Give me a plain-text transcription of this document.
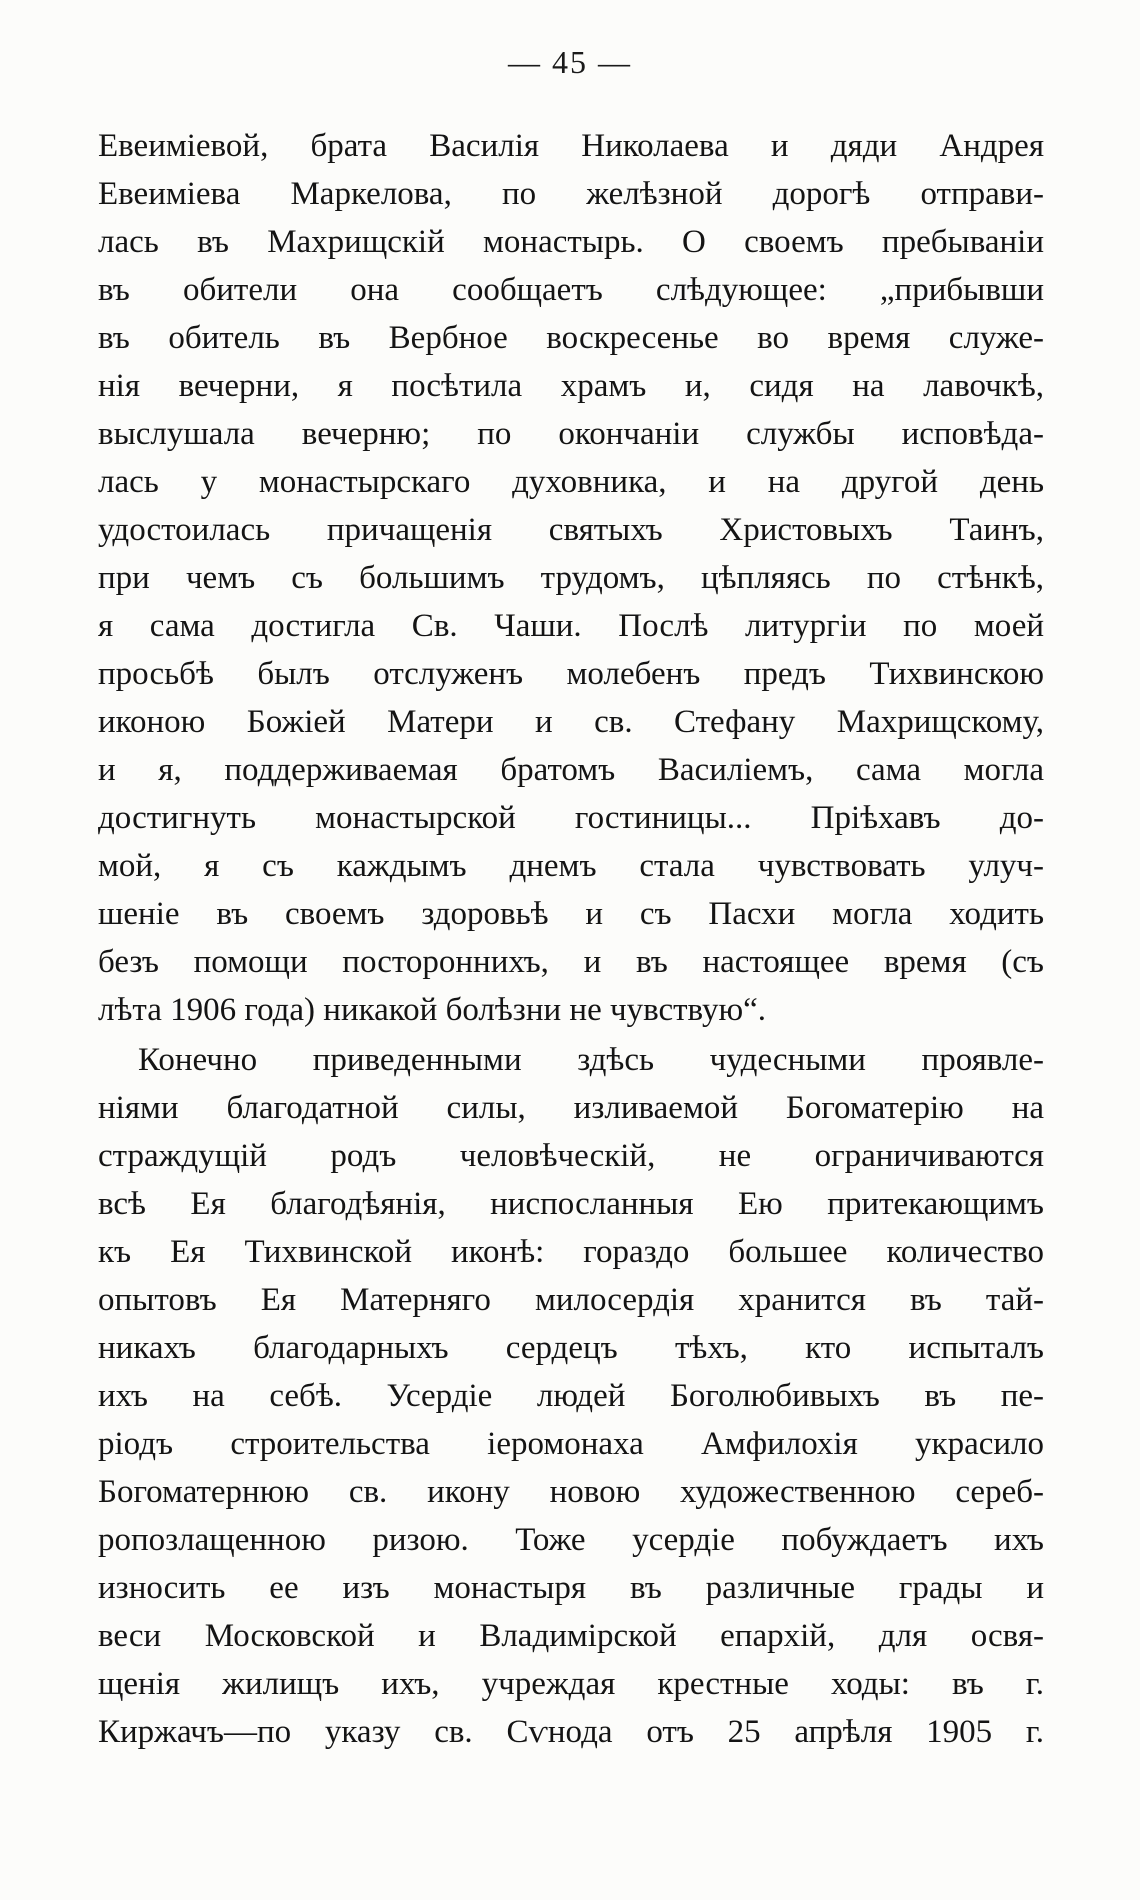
— 45 —
Евеиміевой, брата Василія Николаева и дяди Андрея
Евеиміева Маркелова, по желѣзной дорогѣ отправи-
лась въ Махрищскій монастырь. О своемъ пребываніи
въ обители она сообщаетъ слѣдующее: „прибывши
въ обитель въ Вербное воскресенье во время служе-
нія вечерни, я посѣтила храмъ и, сидя на лавочкѣ,
выслушала вечерню; по окончаніи службы исповѣда-
лась у монастырскаго духовника, и на другой день
удостоилась причащенія святыхъ Христовыхъ Таинъ,
при чемъ съ большимъ трудомъ, цѣпляясь по стѣнкѣ,
я сама достигла Св. Чаши. Послѣ литургіи по моей
просьбѣ былъ отслуженъ молебенъ предъ Тихвинскою
иконою Божіей Матери и св. Стефану Махрищскому,
и я, поддерживаемая братомъ Василіемъ, сама могла
достигнуть монастырской гостиницы... Пріѣхавъ до-
мой, я съ каждымъ днемъ стала чувствовать улуч-
шеніе въ своемъ здоровьѣ и съ Пасхи могла ходить
безъ помощи постороннихъ, и въ настоящее время (съ
лѣта 1906 года) никакой болѣзни не чувствую“.
Конечно приведенными здѣсь чудесными проявле-
ніями благодатной силы, изливаемой Богоматерію на
страждущій родъ человѣческій, не ограничиваются
всѣ Ея благодѣянія, ниспосланныя Ею притекающимъ
къ Ея Тихвинской иконѣ: гораздо большее количество
опытовъ Ея Матерняго милосердія хранится въ тай-
никахъ благодарныхъ сердецъ тѣхъ, кто испыталъ
ихъ на себѣ. Усердіе людей Боголюбивыхъ въ пе-
ріодъ строительства іеромонаха Амфилохія украсило
Богоматернюю св. икону новою художественною сереб-
ропозлащенною ризою. Тоже усердіе побуждаетъ ихъ
износить ее изъ монастыря въ различные грады и
веси Московской и Владимірской епархій, для освя-
щенія жилищъ ихъ, учреждая крестные ходы: въ г.
Киржачъ—по указу св. Сѵнода отъ 25 апрѣля 1905 г.
